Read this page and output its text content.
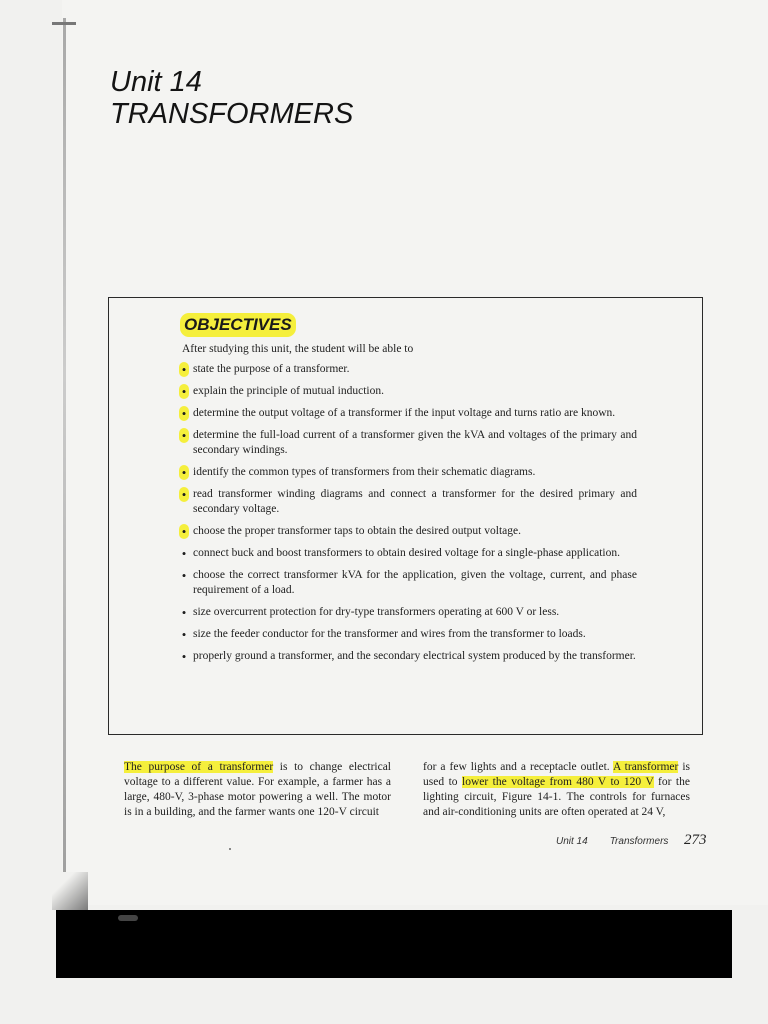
Unit 14
TRANSFORMERS
OBJECTIVES
After studying this unit, the student will be able to
• state the purpose of a transformer.
• explain the principle of mutual induction.
• determine the output voltage of a transformer if the input voltage and turns ratio are known.
• determine the full-load current of a transformer given the kVA and voltages of the primary and secondary windings.
• identify the common types of transformers from their schematic diagrams.
• read transformer winding diagrams and connect a transformer for the desired primary and secondary voltage.
• choose the proper transformer taps to obtain the desired output voltage.
• connect buck and boost transformers to obtain desired voltage for a single-phase application.
• choose the correct transformer kVA for the application, given the voltage, current, and phase requirement of a load.
• size overcurrent protection for dry-type transformers operating at 600 V or less.
• size the feeder conductor for the transformer and wires from the transformer to loads.
• properly ground a transformer, and the secondary electrical system produced by the transformer.
The purpose of a transformer is to change electrical voltage to a different value. For example, a farmer has a large, 480-V, 3-phase motor powering a well. The motor is in a building, and the farmer wants one 120-V circuit
for a few lights and a receptacle outlet. A transformer is used to lower the voltage from 480 V to 120 V for the lighting circuit, Figure 14-1. The controls for furnaces and air-conditioning units are often operated at 24 V,
Unit 14 Transformers 273
